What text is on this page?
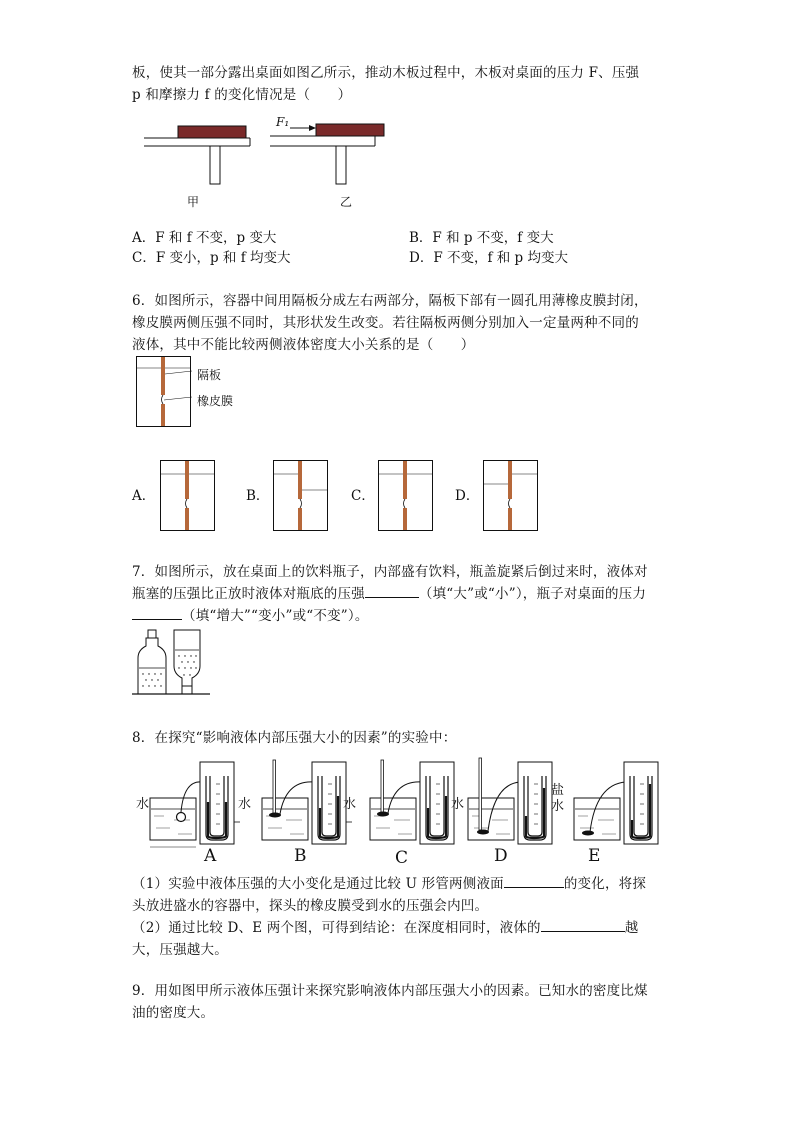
板，使其一部分露出桌面如图乙所示，推动木板过程中，木板对桌面的压力 F、压强
p 和摩擦力 f 的变化情况是（　　）
F₁
甲	乙
A．F 和 f 不变，p 变大	B．F 和 p 不变，f 变大
C．F 变小，p 和 f 均变大	D．F 不变，f 和 p 均变大
6．如图所示，容器中间用隔板分成左右两部分，隔板下部有一圆孔用薄橡皮膜封闭，
橡皮膜两侧压强不同时，其形状发生改变。若往隔板两侧分别加入一定量两种不同的
液体，其中不能比较两侧液体密度大小关系的是（　　）
隔板
橡皮膜
A．	B．	C．	D．
7．如图所示，放在桌面上的饮料瓶子，内部盛有饮料，瓶盖旋紧后倒过来时，液体对
瓶塞的压强比正放时液体对瓶底的压强	（填“大”或“小”），瓶子对桌面的压力
（填“增大”“变小”或“不变”）。
8．在探究“影响液体内部压强大小的因素”的实验中：
水	水	水	水
盐
水
A	B	C	D	E
（1）实验中液体压强的大小变化是通过比较 U 形管两侧液面	的变化，将探
头放进盛水的容器中，探头的橡皮膜受到水的压强会内凹。
（2）通过比较 D、E 两个图，可得到结论：在深度相同时，液体的	越
大，压强越大。
9．用如图甲所示液体压强计来探究影响液体内部压强大小的因素。已知水的密度比煤
油的密度大。
